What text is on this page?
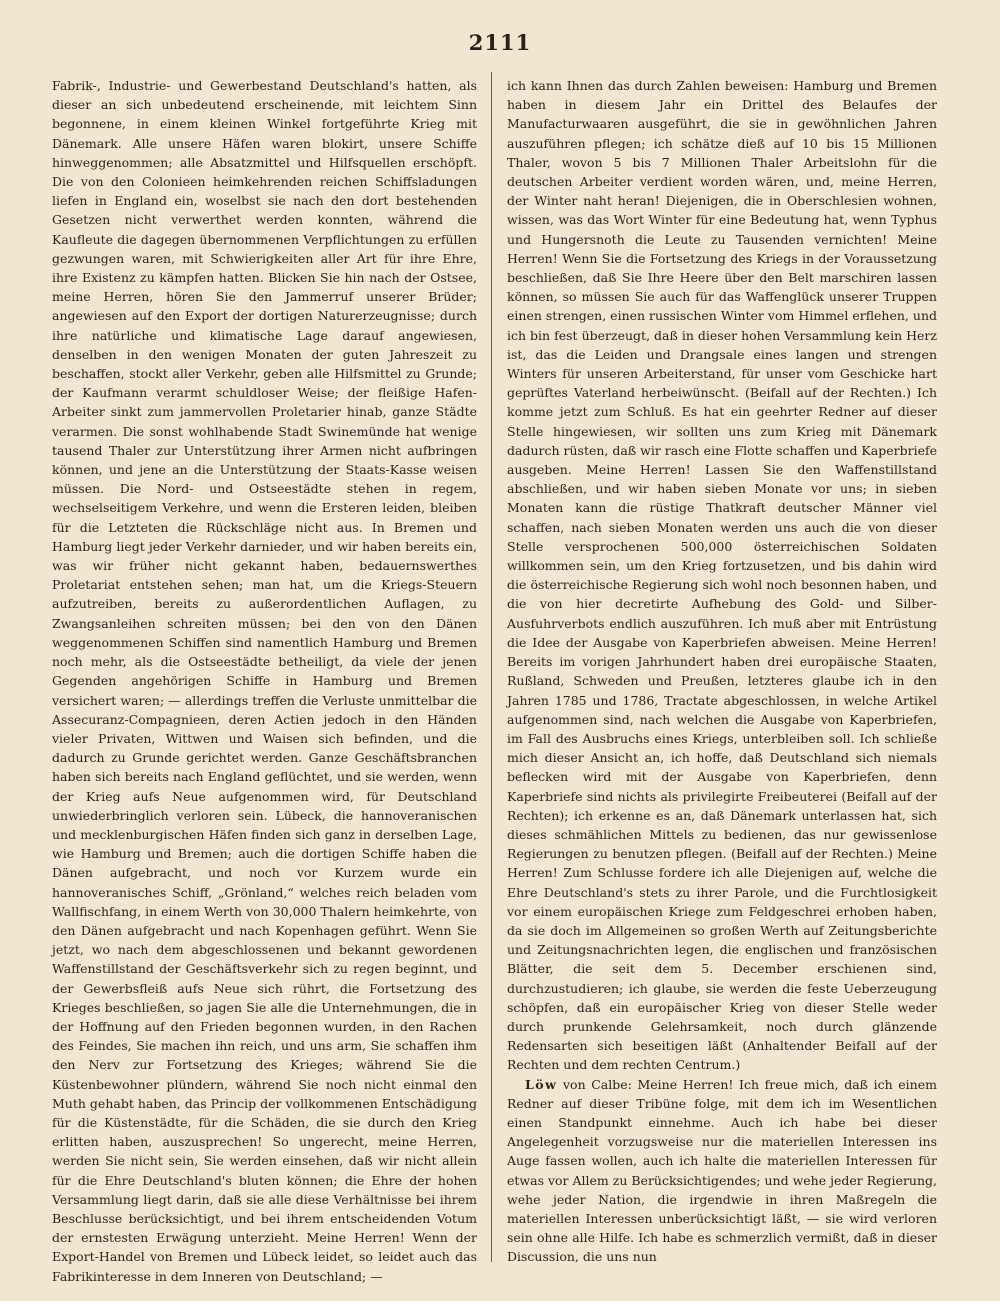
2111

Fabrik-, Industrie- und Gewerbestand Deutschland's hatten, als dieser an sich unbedeutend erscheinende, mit leichtem Sinn begonnene, in einem kleinen Winkel fortgeführte Krieg mit Dänemark. Alle unsere Häfen waren blokirt, unsere Schiffe hinweggenommen; alle Absatzmittel und Hilfsquellen erschöpft. Die von den Colonieen heimkehrenden reichen Schiffsladungen liefen in England ein, woselbst sie nach den dort bestehenden Gesetzen nicht verwerthet werden konnten, während die Kaufleute die dagegen übernommenen Verpflichtungen zu erfüllen gezwungen waren, mit Schwierigkeiten aller Art für ihre Ehre, ihre Existenz zu kämpfen hatten. Blicken Sie hin nach der Ostsee, meine Herren, hören Sie den Jammerruf unserer Brüder; angewiesen auf den Export der dortigen Naturerzeugnisse; durch ihre natürliche und klimatische Lage darauf angewiesen, denselben in den wenigen Monaten der guten Jahreszeit zu beschaffen, stockt aller Verkehr, geben alle Hilfsmittel zu Grunde; der Kaufmann verarmt schuldloser Weise; der fleißige Hafen-Arbeiter sinkt zum jammervollen Proletarier hinab, ganze Städte verarmen. Die sonst wohlhabende Stadt Swinemünde hat wenige tausend Thaler zur Unterstützung ihrer Armen nicht aufbringen können, und jene an die Unterstützung der Staats-Kasse weisen müssen. Die Nord- und Ostseestädte stehen in regem, wechselseitigem Verkehre, und wenn die Ersteren leiden, bleiben für die Letzteten die Rückschläge nicht aus. In Bremen und Hamburg liegt jeder Verkehr darnieder, und wir haben bereits ein, was wir früher nicht gekannt haben, bedauernswerthes Proletariat entstehen sehen; man hat, um die Kriegs-Steuern aufzutreiben, bereits zu außerordentlichen Auflagen, zu Zwangsanleihen schreiten müssen; bei den von den Dänen weggenommenen Schiffen sind namentlich Hamburg und Bremen noch mehr, als die Ostseestädte betheiligt, da viele der jenen Gegenden angehörigen Schiffe in Hamburg und Bremen versichert waren; — allerdings treffen die Verluste unmittelbar die Assecuranz-Compagnieen, deren Actien jedoch in den Händen vieler Privaten, Wittwen und Waisen sich befinden, und die dadurch zu Grunde gerichtet werden. Ganze Geschäftsbranchen haben sich bereits nach England geflüchtet, und sie werden, wenn der Krieg aufs Neue aufgenommen wird, für Deutschland unwiederbringlich verloren sein. Lübeck, die hannoveranischen und mecklenburgischen Häfen finden sich ganz in derselben Lage, wie Hamburg und Bremen; auch die dortigen Schiffe haben die Dänen aufgebracht, und noch vor Kurzem wurde ein hannoveranisches Schiff, „Grönland,“ welches reich beladen vom Wallfischfang, in einem Werth von 30,000 Thalern heimkehrte, von den Dänen aufgebracht und nach Kopenhagen geführt. Wenn Sie jetzt, wo nach dem abgeschlossenen und bekannt gewordenen Waffenstillstand der Geschäftsverkehr sich zu regen beginnt, und der Gewerbsfleiß aufs Neue sich rührt, die Fortsetzung des Krieges beschließen, so jagen Sie alle die Unternehmungen, die in der Hoffnung auf den Frieden begonnen wurden, in den Rachen des Feindes, Sie machen ihn reich, und uns arm, Sie schaffen ihm den Nerv zur Fortsetzung des Krieges; während Sie die Küstenbewohner plündern, während Sie noch nicht einmal den Muth gehabt haben, das Princip der vollkommenen Entschädigung für die Küstenstädte, für die Schäden, die sie durch den Krieg erlitten haben, auszusprechen! So ungerecht, meine Herren, werden Sie nicht sein, Sie werden einsehen, daß wir nicht allein für die Ehre Deutschland's bluten können; die Ehre der hohen Versammlung liegt darin, daß sie alle diese Verhältnisse bei ihrem Beschlusse berücksichtigt, und bei ihrem entscheidenden Votum der ernstesten Erwägung unterzieht. Meine Herren! Wenn der Export-Handel von Bremen und Lübeck leidet, so leidet auch das Fabrikinteresse in dem Inneren von Deutschland; —

ich kann Ihnen das durch Zahlen beweisen: Hamburg und Bremen haben in diesem Jahr ein Drittel des Belaufes der Manufacturwaaren ausgeführt, die sie in gewöhnlichen Jahren auszuführen pflegen; ich schätze dieß auf 10 bis 15 Millionen Thaler, wovon 5 bis 7 Millionen Thaler Arbeitslohn für die deutschen Arbeiter verdient worden wären, und, meine Herren, der Winter naht heran! Diejenigen, die in Oberschlesien wohnen, wissen, was das Wort Winter für eine Bedeutung hat, wenn Typhus und Hungersnoth die Leute zu Tausenden vernichten! Meine Herren! Wenn Sie die Fortsetzung des Kriegs in der Voraussetzung beschließen, daß Sie Ihre Heere über den Belt marschiren lassen können, so müssen Sie auch für das Waffenglück unserer Truppen einen strengen, einen russischen Winter vom Himmel erflehen, und ich bin fest überzeugt, daß in dieser hohen Versammlung kein Herz ist, das die Leiden und Drangsale eines langen und strengen Winters für unseren Arbeiterstand, für unser vom Geschicke hart geprüftes Vaterland herbeiwünscht. (Beifall auf der Rechten.) Ich komme jetzt zum Schluß. Es hat ein geehrter Redner auf dieser Stelle hingewiesen, wir sollten uns zum Krieg mit Dänemark dadurch rüsten, daß wir rasch eine Flotte schaffen und Kaperbriefe ausgeben. Meine Herren! Lassen Sie den Waffenstillstand abschließen, und wir haben sieben Monate vor uns; in sieben Monaten kann die rüstige Thatkraft deutscher Männer viel schaffen, nach sieben Monaten werden uns auch die von dieser Stelle versprochenen 500,000 österreichischen Soldaten willkommen sein, um den Krieg fortzusetzen, und bis dahin wird die österreichische Regierung sich wohl noch besonnen haben, und die von hier decretirte Aufhebung des Gold- und Silber-Ausfuhrverbots endlich auszuführen. Ich muß aber mit Entrüstung die Idee der Ausgabe von Kaperbriefen abweisen. Meine Herren! Bereits im vorigen Jahrhundert haben drei europäische Staaten, Rußland, Schweden und Preußen, letzteres glaube ich in den Jahren 1785 und 1786, Tractate abgeschlossen, in welche Artikel aufgenommen sind, nach welchen die Ausgabe von Kaperbriefen, im Fall des Ausbruchs eines Kriegs, unterbleiben soll. Ich schließe mich dieser Ansicht an, ich hoffe, daß Deutschland sich niemals beflecken wird mit der Ausgabe von Kaperbriefen, denn Kaperbriefe sind nichts als privilegirte Freibeuterei (Beifall auf der Rechten); ich erkenne es an, daß Dänemark unterlassen hat, sich dieses schmählichen Mittels zu bedienen, das nur gewissenlose Regierungen zu benutzen pflegen. (Beifall auf der Rechten.) Meine Herren! Zum Schlusse fordere ich alle Diejenigen auf, welche die Ehre Deutschland's stets zu ihrer Parole, und die Furchtlosigkeit vor einem europäischen Kriege zum Feldgeschrei erhoben haben, da sie doch im Allgemeinen so großen Werth auf Zeitungsberichte und Zeitungsnachrichten legen, die englischen und französischen Blätter, die seit dem 5. December erschienen sind, durchzustudieren; ich glaube, sie werden die feste Ueberzeugung schöpfen, daß ein europäischer Krieg von dieser Stelle weder durch prunkende Gelehrsamkeit, noch durch glänzende Redensarten sich beseitigen läßt (Anhaltender Beifall auf der Rechten und dem rechten Centrum.)

Löw von Calbe: Meine Herren! Ich freue mich, daß ich einem Redner auf dieser Tribüne folge, mit dem ich im Wesentlichen einen Standpunkt einnehme. Auch ich habe bei dieser Angelegenheit vorzugsweise nur die materiellen Interessen ins Auge fassen wollen, auch ich halte die materiellen Interessen für etwas vor Allem zu Berücksichtigendes; und wehe jeder Regierung, wehe jeder Nation, die irgendwie in ihren Maßregeln die materiellen Interessen unberücksichtigt läßt, — sie wird verloren sein ohne alle Hilfe. Ich habe es schmerzlich vermißt, daß in dieser Discussion, die uns nun
